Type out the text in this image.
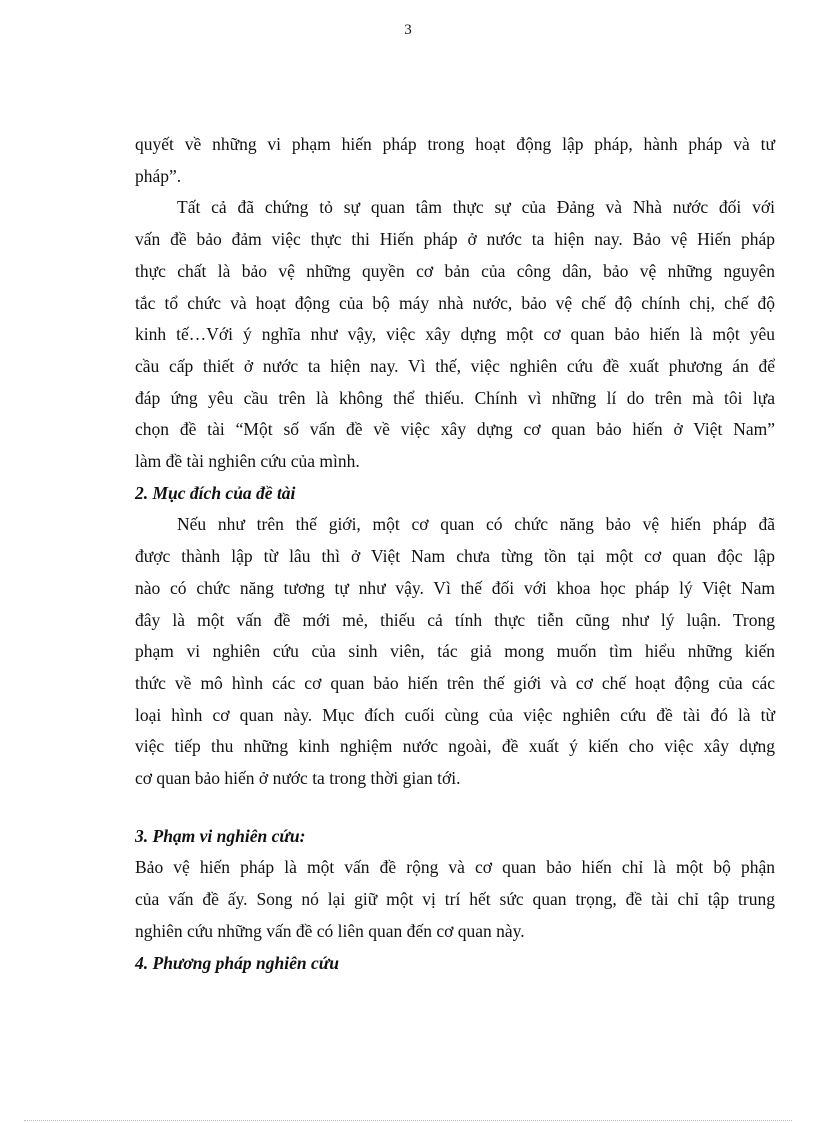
3
quyết về những vi phạm hiến pháp trong hoạt động lập pháp, hành pháp và tư
pháp”.
Tất cả đã chứng tỏ sự quan tâm thực sự của Đảng và Nhà nước đối với
vấn đề bảo đảm việc thực thi Hiến pháp ở nước ta hiện nay. Bảo vệ Hiến pháp
thực chất là bảo vệ những quyền cơ bản của công dân, bảo vệ những nguyên
tắc tổ chức và hoạt động của bộ máy nhà nước, bảo vệ chế độ chính chị, chế độ
kinh tế…Với ý nghĩa như vậy, việc xây dựng một cơ quan bảo hiến là một yêu
cầu cấp thiết ở nước ta hiện nay. Vì thế, việc nghiên cứu đề xuất phương án để
đáp ứng yêu cầu trên là không thể thiếu. Chính vì những lí do trên mà tôi lựa
chọn đề tài “Một số vấn đề về việc xây dựng cơ quan bảo hiến ở Việt Nam”
làm đề tài nghiên cứu của mình.
2. Mục đích của đề tài
Nếu như trên thế giới, một cơ quan có chức năng bảo vệ hiến pháp đã
được thành lập từ lâu thì ở Việt Nam chưa từng tồn tại một cơ quan độc lập
nào có chức năng tương tự như vậy. Vì thế đối với khoa học pháp lý Việt Nam
đây là một vấn đề mới mẻ, thiếu cả tính thực tiễn cũng như lý luận. Trong
phạm vi nghiên cứu của sinh viên, tác giả mong muốn tìm hiểu những kiến
thức về mô hình các cơ quan bảo hiến trên thế giới và cơ chế hoạt động của các
loại hình cơ quan này. Mục đích cuối cùng của việc nghiên cứu đề tài đó là từ
việc tiếp thu những kinh nghiệm nước ngoài, đề xuất ý kiến cho việc xây dựng
cơ quan bảo hiến ở nước ta trong thời gian tới.
3. Phạm vi nghiên cứu:
Bảo vệ hiến pháp là một vấn đề rộng và cơ quan bảo hiến chỉ là một bộ phận
của vấn đề ấy. Song nó lại giữ một vị trí hết sức quan trọng, đề tài chỉ tập trung
nghiên cứu những vấn đề có liên quan đến cơ quan này.
4. Phương pháp nghiên cứu
